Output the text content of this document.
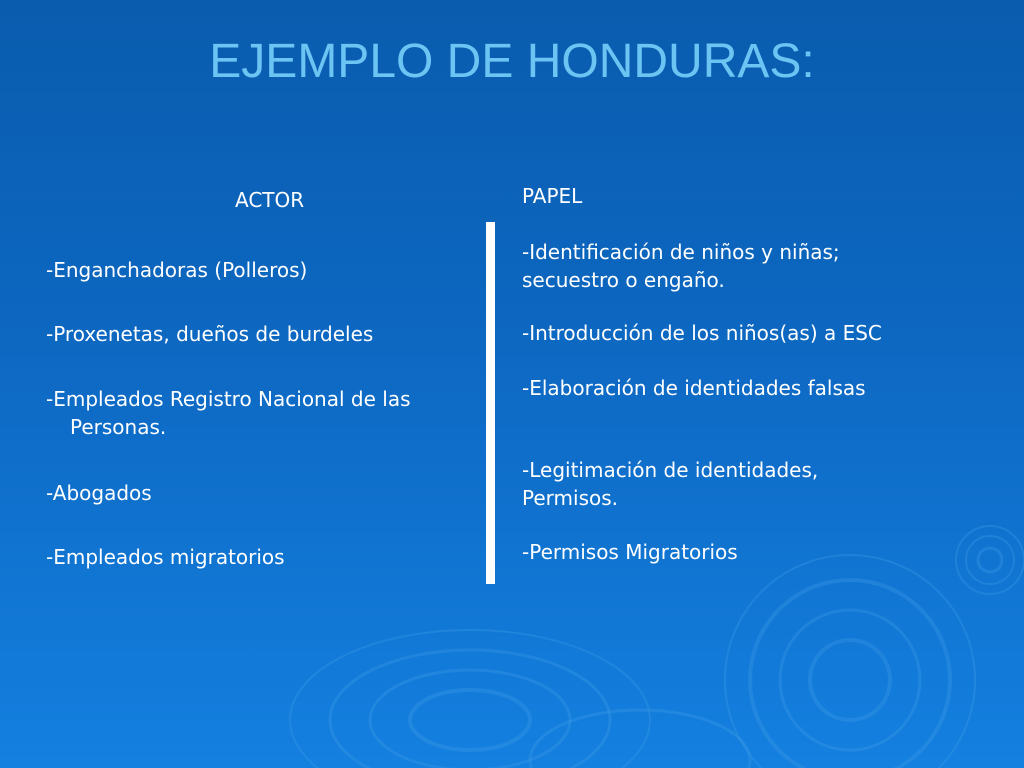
EJEMPLO DE HONDURAS:
ACTOR	PAPEL
-Enganchadoras (Polleros)
-Proxenetas, dueños de burdeles
-Empleados Registro Nacional de las
Personas.
-Abogados
-Empleados migratorios
-Identificación de niños y niñas;
secuestro o engaño.
-Introducción de los niños(as) a ESC
-Elaboración de identidades falsas
-Legitimación de identidades,
Permisos.
-Permisos Migratorios
